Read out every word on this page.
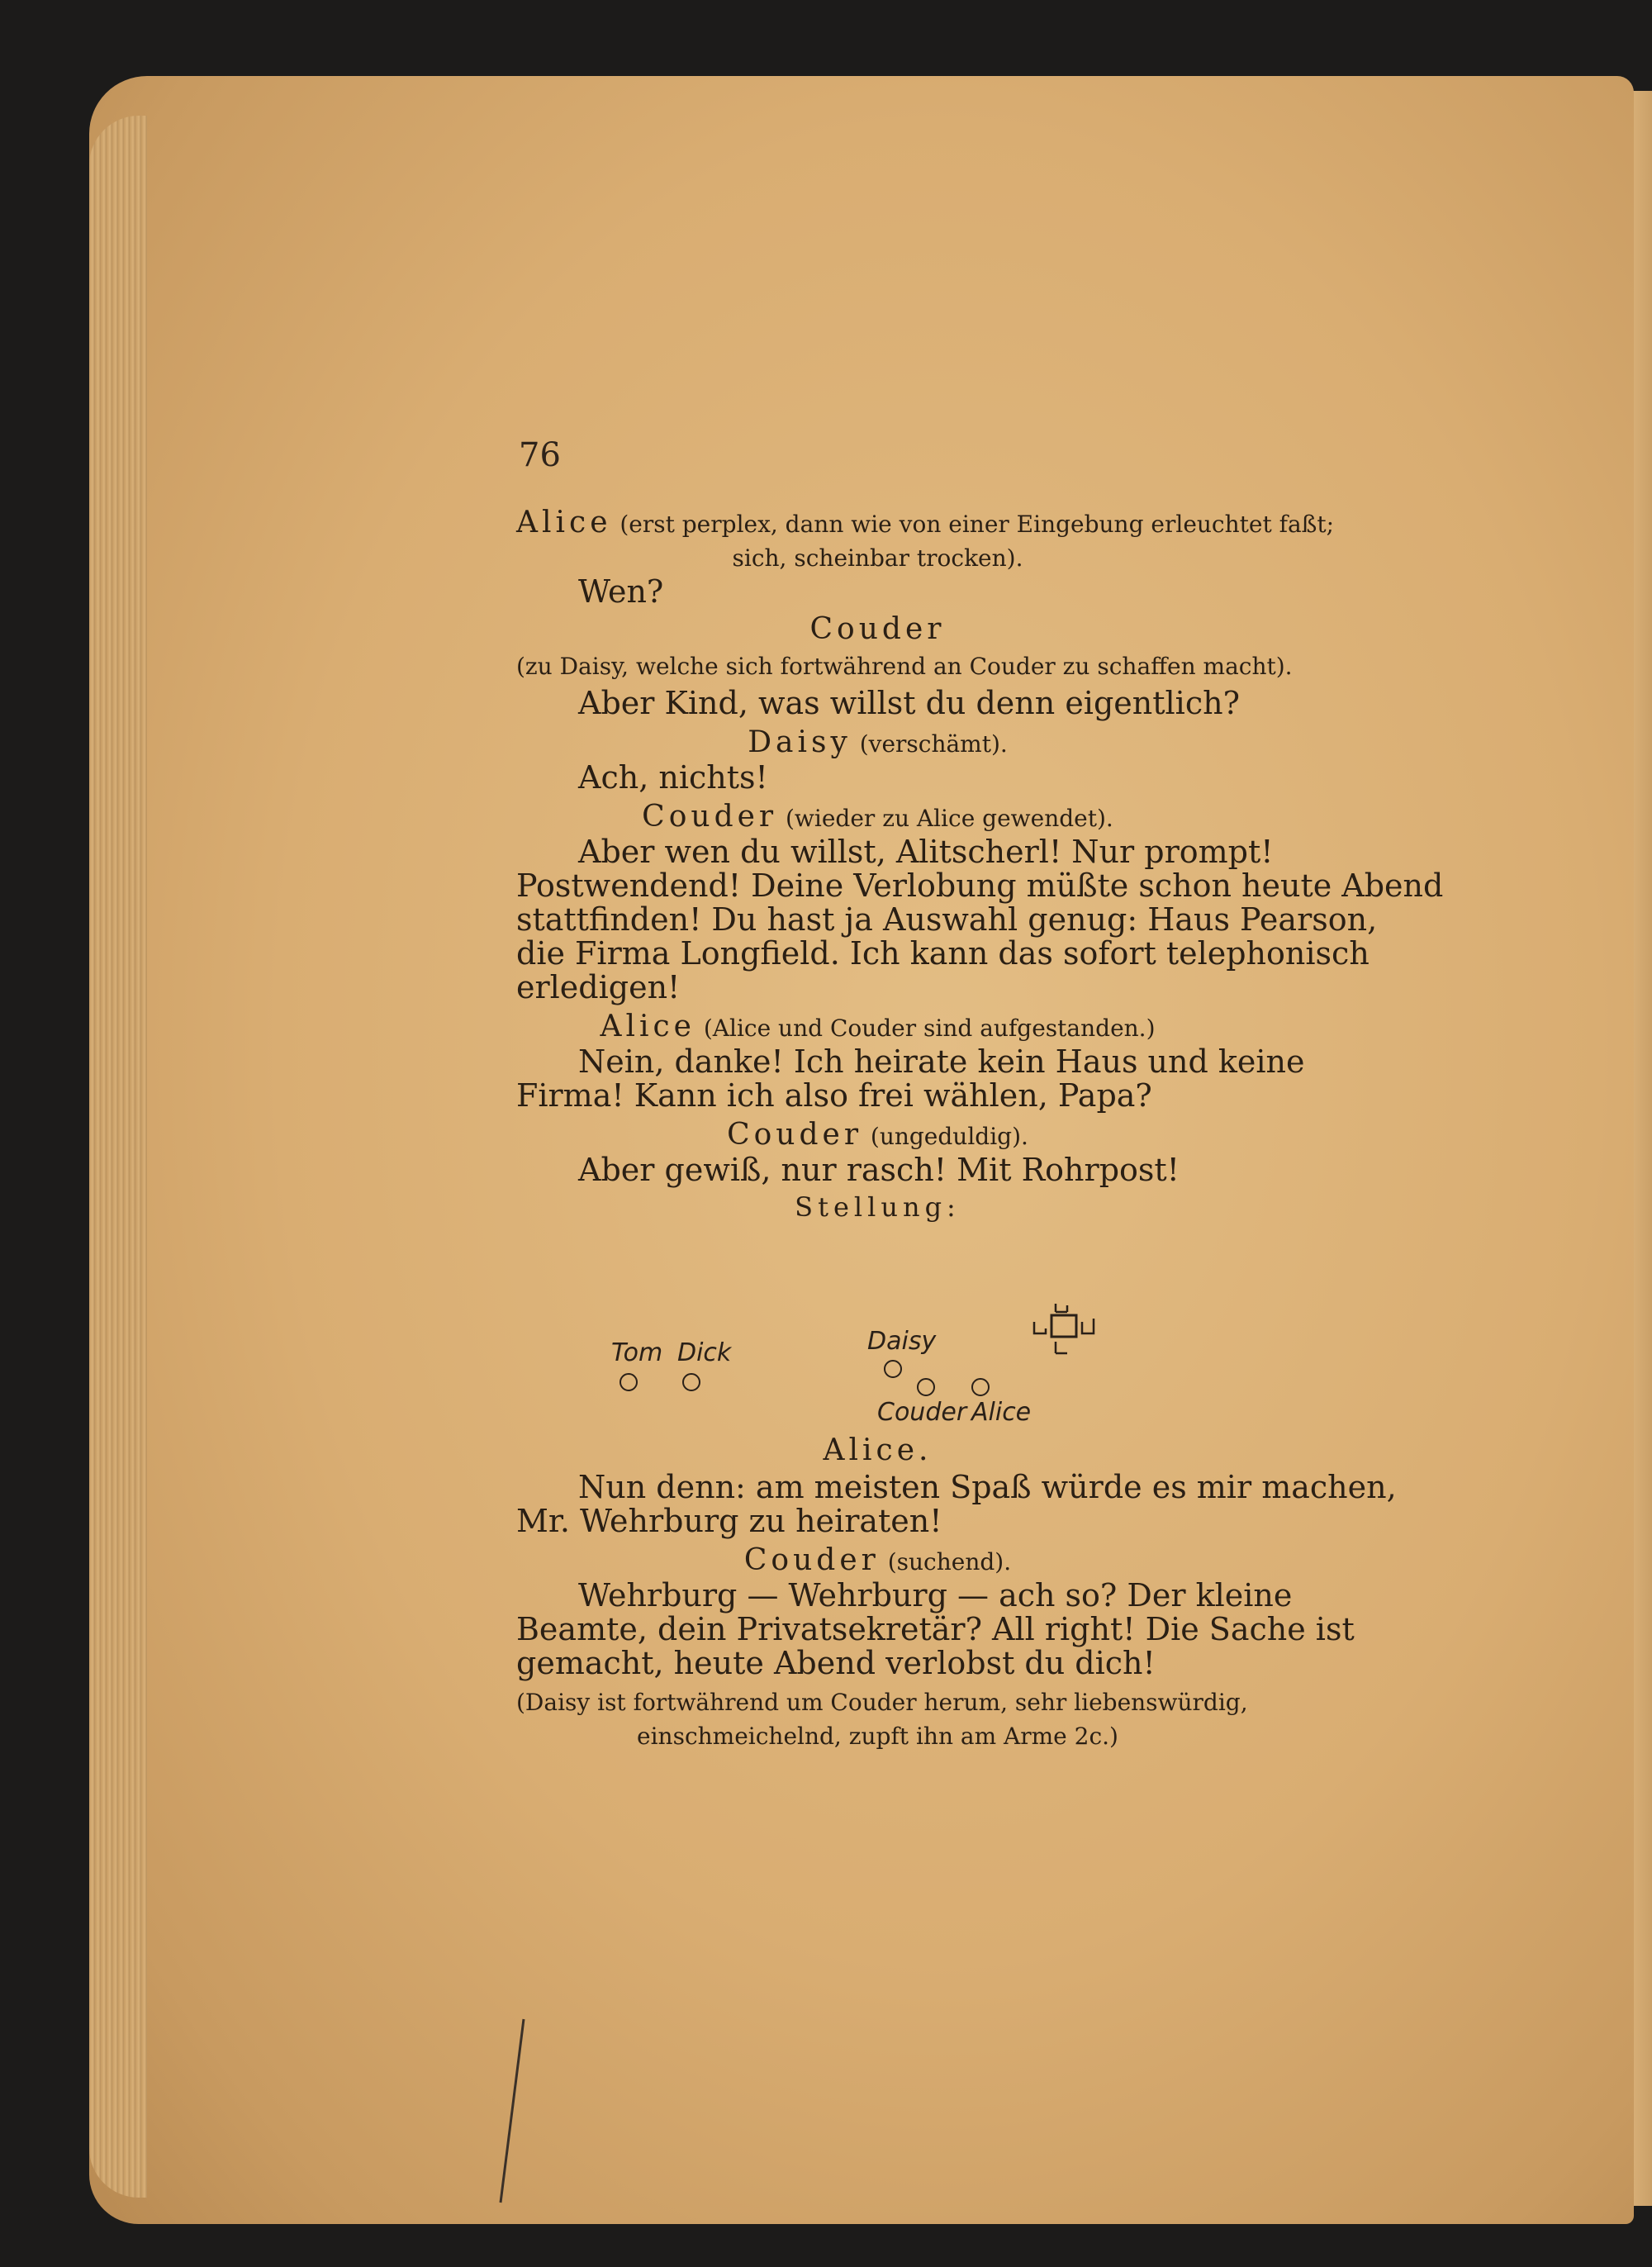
76
Alice (erst perplex, dann wie von einer Eingebung erleuchtet faßt;
sich, scheinbar trocken).
Wen?
Couder
(zu Daisy, welche sich fortwährend an Couder zu schaffen macht).
Aber Kind, was willst du denn eigentlich?
Daisy (verschämt).
Ach, nichts!
Couder (wieder zu Alice gewendet).
Aber wen du willst, Alitscherl! Nur prompt!
Postwendend! Deine Verlobung müßte schon heute Abend
stattfinden! Du hast ja Auswahl genug: Haus Pearson,
die Firma Longfield. Ich kann das sofort telephonisch
erledigen!
Alice (Alice und Couder sind aufgestanden.)
Nein, danke! Ich heirate kein Haus und keine
Firma! Kann ich also frei wählen, Papa?
Couder (ungeduldig).
Aber gewiß, nur rasch! Mit Rohrpost!
Stellung:
Tom Dick	Daisy
Couder Alice
Alice.
Nun denn: am meisten Spaß würde es mir machen,
Mr. Wehrburg zu heiraten!
Couder (suchend).
Wehrburg — Wehrburg — ach so? Der kleine
Beamte, dein Privatsekretär? All right! Die Sache ist
gemacht, heute Abend verlobst du dich!
(Daisy ist fortwährend um Couder herum, sehr liebenswürdig,
einschmeichelnd, zupft ihn am Arme 2c.)
